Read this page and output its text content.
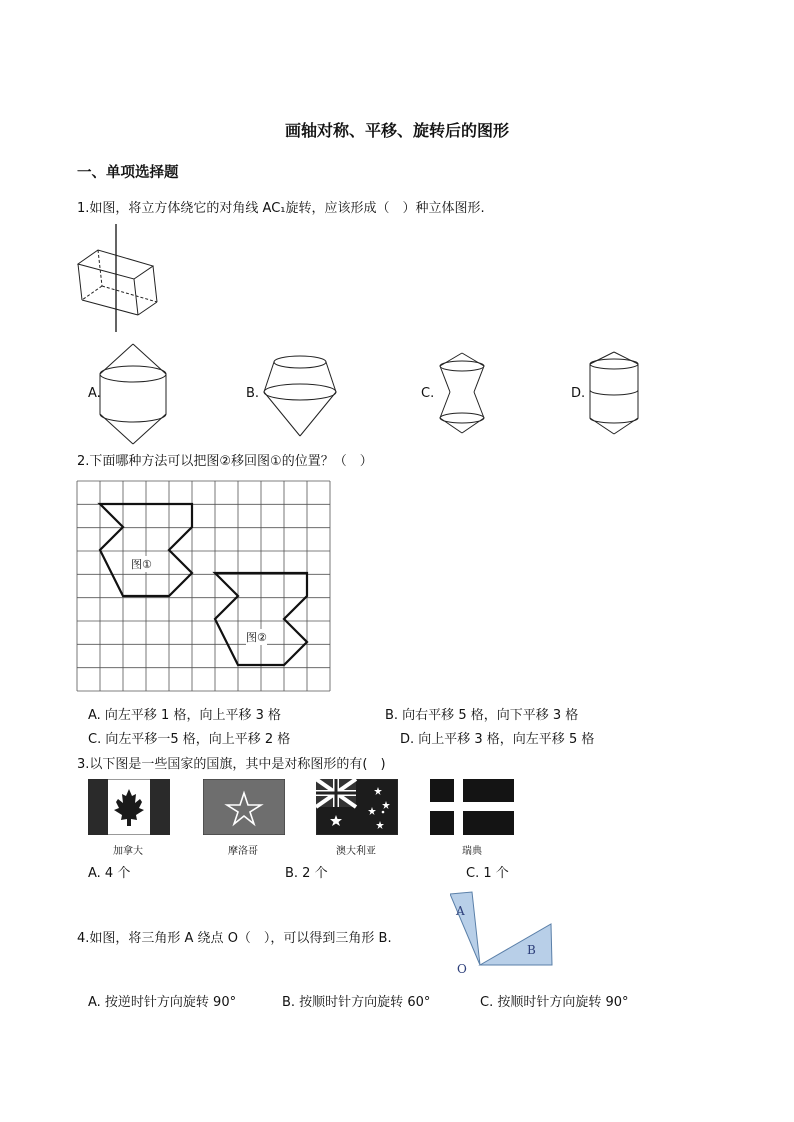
画轴对称、平移、旋转后的图形
一、单项选择题
1.如图，将立方体绕它的对角线 AC₁旋转，应该形成（　）种立体图形.
A.	B.	C.	D.
2.下面哪种方法可以把图②移回图①的位置？（　）
图①
图②
A. 向左平移 1 格，向上平移 3 格	B. 向右平移 5 格，向下平移 3 格
C. 向左平移一5 格，向上平移 2 格	D. 向上平移 3 格，向左平移 5 格
3.以下图是一些国家的国旗，其中是对称图形的有(　)
加拿大	摩洛哥	澳大利亚	瑞典
A. 4 个	B. 2 个	C. 1 个
4.如图，将三角形 A 绕点 O（　），可以得到三角形 B.
A
B
O
A. 按逆时针方向旋转 90°	B. 按顺时针方向旋转 60°	C. 按顺时针方向旋转 90°
